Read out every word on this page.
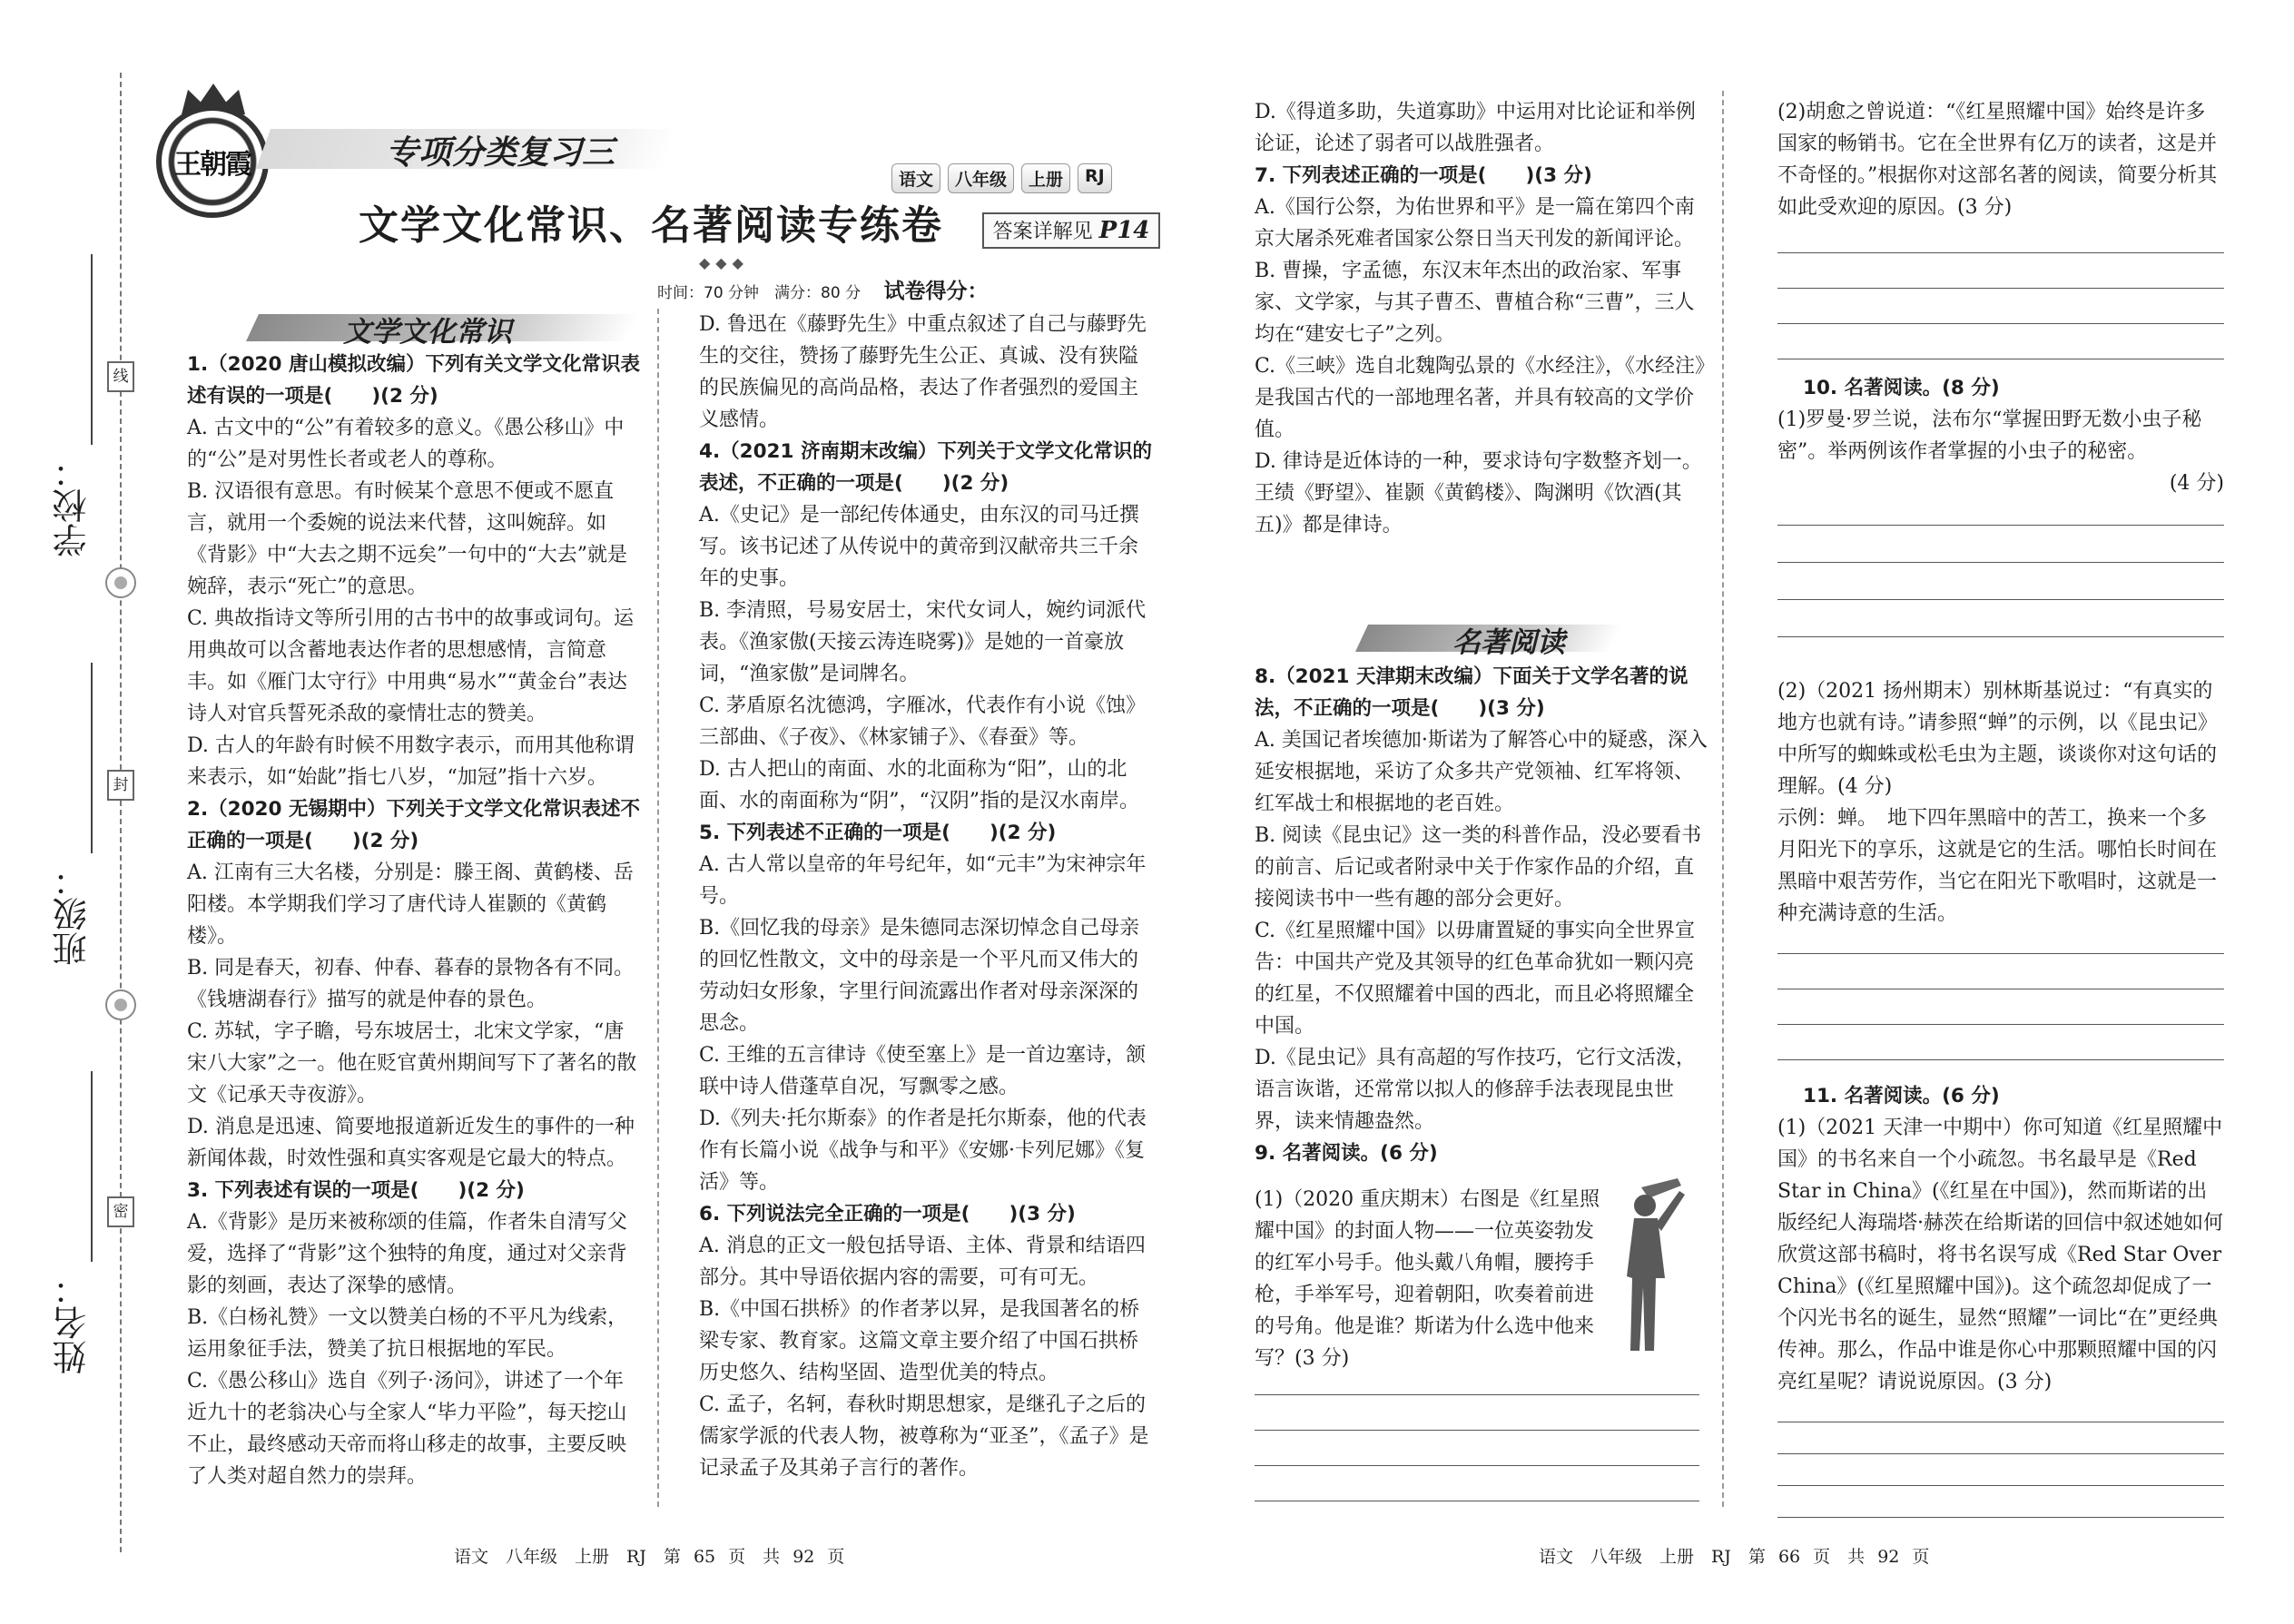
学校：
班级：
姓名：
线
封
密
王朝霞	专项分类复习三
文学文化常识、名著阅读专练卷
语文	八年级	上册	RJ
答案详解见 P14
◆◆◆
时间：70 分钟　满分：80 分 试卷得分：
文学文化常识

1.（2020 唐山模拟改编）下列有关文学文化常识表述有误的一项是(　　)(2 分)

A. 古文中的“公”有着较多的意义。《愚公移山》中的“公”是对男性长者或老人的尊称。

B. 汉语很有意思。有时候某个意思不便或不愿直言，就用一个委婉的说法来代替，这叫婉辞。如《背影》中“大去之期不远矣”一句中的“大去”就是婉辞，表示“死亡”的意思。

C. 典故指诗文等所引用的古书中的故事或词句。运用典故可以含蓄地表达作者的思想感情，言简意丰。如《雁门太守行》中用典“易水”“黄金台”表达诗人对官兵誓死杀敌的豪情壮志的赞美。

D. 古人的年龄有时候不用数字表示，而用其他称谓来表示，如“始龀”指七八岁，“加冠”指十六岁。

2.（2020 无锡期中）下列关于文学文化常识表述不正确的一项是(　　)(2 分)

A. 江南有三大名楼，分别是：滕王阁、黄鹤楼、岳阳楼。本学期我们学习了唐代诗人崔颢的《黄鹤楼》。

B. 同是春天，初春、仲春、暮春的景物各有不同。《钱塘湖春行》描写的就是仲春的景色。

C. 苏轼，字子瞻，号东坡居士，北宋文学家，“唐宋八大家”之一。他在贬官黄州期间写下了著名的散文《记承天寺夜游》。

D. 消息是迅速、简要地报道新近发生的事件的一种新闻体裁，时效性强和真实客观是它最大的特点。

3. 下列表述有误的一项是(　　)(2 分)

A.《背影》是历来被称颂的佳篇，作者朱自清写父爱，选择了“背影”这个独特的角度，通过对父亲背影的刻画，表达了深挚的感情。

B.《白杨礼赞》一文以赞美白杨的不平凡为线索，运用象征手法，赞美了抗日根据地的军民。

C.《愚公移山》选自《列子·汤问》，讲述了一个年近九十的老翁决心与全家人“毕力平险”，每天挖山不止，最终感动天帝而将山移走的故事，主要反映了人类对超自然力的崇拜。

D. 鲁迅在《藤野先生》中重点叙述了自己与藤野先生的交往，赞扬了藤野先生公正、真诚、没有狭隘的民族偏见的高尚品格，表达了作者强烈的爱国主义感情。

4.（2021 济南期末改编）下列关于文学文化常识的表述，不正确的一项是(　　)(2 分)

A.《史记》是一部纪传体通史，由东汉的司马迁撰写。该书记述了从传说中的黄帝到汉献帝共三千余年的史事。

B. 李清照，号易安居士，宋代女词人，婉约词派代表。《渔家傲(天接云涛连晓雾)》是她的一首豪放词，“渔家傲”是词牌名。

C. 茅盾原名沈德鸿，字雁冰，代表作有小说《蚀》三部曲、《子夜》、《林家铺子》、《春蚕》等。

D. 古人把山的南面、水的北面称为“阳”，山的北面、水的南面称为“阴”，“汉阴”指的是汉水南岸。

5. 下列表述不正确的一项是(　　)(2 分)

A. 古人常以皇帝的年号纪年，如“元丰”为宋神宗年号。

B.《回忆我的母亲》是朱德同志深切悼念自己母亲的回忆性散文，文中的母亲是一个平凡而又伟大的劳动妇女形象，字里行间流露出作者对母亲深深的思念。

C. 王维的五言律诗《使至塞上》是一首边塞诗，颔联中诗人借蓬草自况，写飘零之感。

D.《列夫·托尔斯泰》的作者是托尔斯泰，他的代表作有长篇小说《战争与和平》《安娜·卡列尼娜》《复活》等。

6. 下列说法完全正确的一项是(　　)(3 分)

A. 消息的正文一般包括导语、主体、背景和结语四部分。其中导语依据内容的需要，可有可无。

B.《中国石拱桥》的作者茅以昇，是我国著名的桥梁专家、教育家。这篇文章主要介绍了中国石拱桥历史悠久、结构坚固、造型优美的特点。

C. 孟子，名轲，春秋时期思想家，是继孔子之后的儒家学派的代表人物，被尊称为“亚圣”，《孟子》是记录孟子及其弟子言行的著作。

D.《得道多助，失道寡助》中运用对比论证和举例论证，论述了弱者可以战胜强者。

7. 下列表述正确的一项是(　　)(3 分)

A.《国行公祭，为佑世界和平》是一篇在第四个南京大屠杀死难者国家公祭日当天刊发的新闻评论。

B. 曹操，字孟德，东汉末年杰出的政治家、军事家、文学家，与其子曹丕、曹植合称“三曹”，三人均在“建安七子”之列。

C.《三峡》选自北魏陶弘景的《水经注》，《水经注》是我国古代的一部地理名著，并具有较高的文学价值。

D. 律诗是近体诗的一种，要求诗句字数整齐划一。王绩《野望》、崔颢《黄鹤楼》、陶渊明《饮酒(其五)》都是律诗。

名著阅读

8.（2021 天津期末改编）下面关于文学名著的说法，不正确的一项是(　　)(3 分)

A. 美国记者埃德加·斯诺为了解答心中的疑惑，深入延安根据地，采访了众多共产党领袖、红军将领、红军战士和根据地的老百姓。

B. 阅读《昆虫记》这一类的科普作品，没必要看书的前言、后记或者附录中关于作家作品的介绍，直接阅读书中一些有趣的部分会更好。

C.《红星照耀中国》以毋庸置疑的事实向全世界宣告：中国共产党及其领导的红色革命犹如一颗闪亮的红星，不仅照耀着中国的西北，而且必将照耀全中国。

D.《昆虫记》具有高超的写作技巧，它行文活泼，语言诙谐，还常常以拟人的修辞手法表现昆虫世界，读来情趣盎然。

9. 名著阅读。(6 分)

(1)（2020 重庆期末）右图是《红星照耀中国》的封面人物——一位英姿勃发的红军小号手。他头戴八角帽，腰挎手枪，手举军号，迎着朝阳，吹奏着前进的号角。他是谁？斯诺为什么选中他来写？(3 分)

(2)胡愈之曾说道：“《红星照耀中国》始终是许多国家的畅销书。它在全世界有亿万的读者，这是并不奇怪的。”根据你对这部名著的阅读，简要分析其如此受欢迎的原因。(3 分)

10. 名著阅读。(8 分)

(1)罗曼·罗兰说，法布尔“掌握田野无数小虫子秘密”。举两例该作者掌握的小虫子的秘密。

(4 分)

(2)（2021 扬州期末）别林斯基说过：“有真实的地方也就有诗。”请参照“蝉”的示例，以《昆虫记》中所写的蜘蛛或松毛虫为主题，谈谈你对这句话的理解。(4 分)

示例：蝉。　地下四年黑暗中的苦工，换来一个多月阳光下的享乐，这就是它的生活。哪怕长时间在黑暗中艰苦劳作，当它在阳光下歌唱时，这就是一种充满诗意的生活。

11. 名著阅读。(6 分)

(1)（2021 天津一中期中）你可知道《红星照耀中国》的书名来自一个小疏忽。书名最早是《Red Star in China》(《红星在中国》)，然而斯诺的出版经纪人海瑞塔·赫茨在给斯诺的回信中叙述她如何欣赏这部书稿时，将书名误写成《Red Star Over China》(《红星照耀中国》)。这个疏忽却促成了一个闪光书名的诞生，显然“照耀”一词比“在”更经典传神。那么，作品中谁是你心中那颗照耀中国的闪亮红星呢？请说说原因。(3 分)

语文　八年级　上册　RJ　第 65 页　共 92 页	语文　八年级　上册　RJ　第 66 页　共 92 页
